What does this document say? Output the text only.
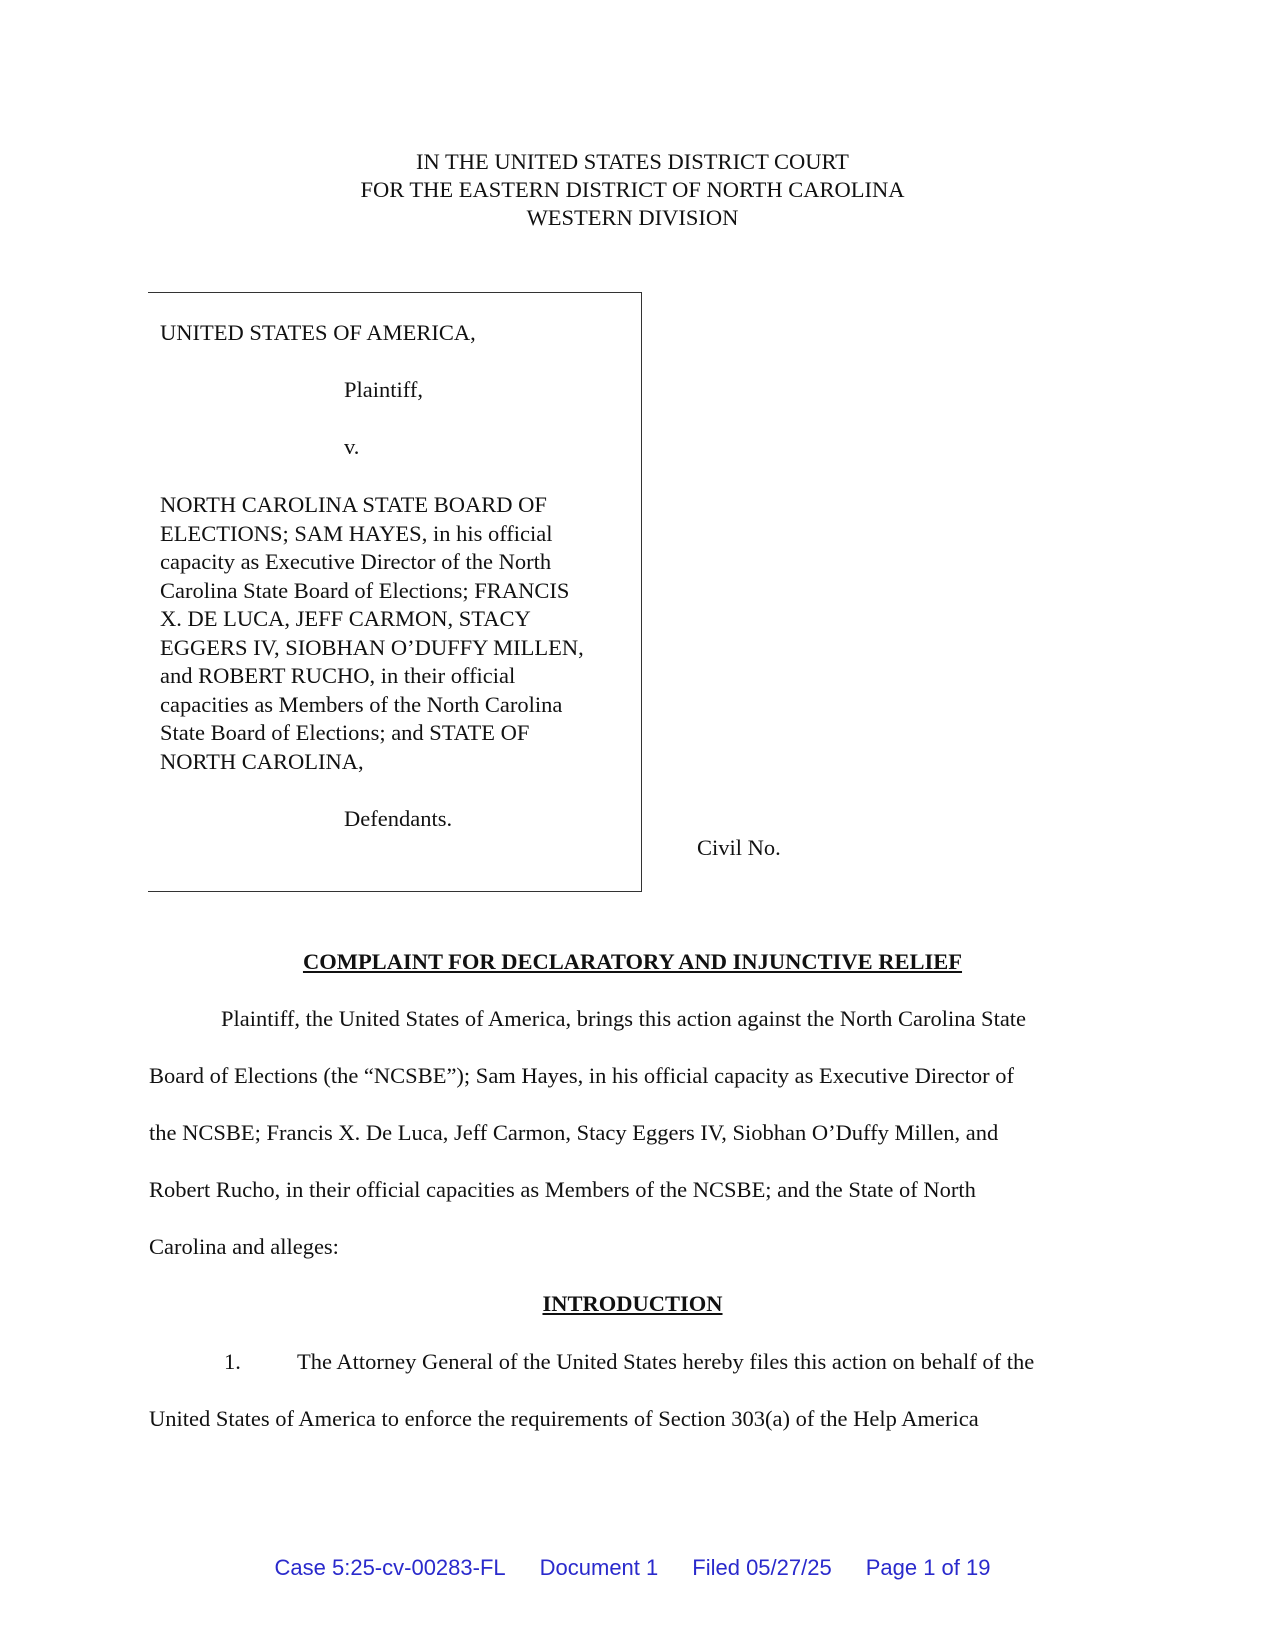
IN THE UNITED STATES DISTRICT COURT
FOR THE EASTERN DISTRICT OF NORTH CAROLINA
WESTERN DIVISION
UNITED STATES OF AMERICA,
Plaintiff,
v.
NORTH CAROLINA STATE BOARD OF
ELECTIONS; SAM HAYES, in his official
capacity as Executive Director of the North
Carolina State Board of Elections; FRANCIS
X. DE LUCA, JEFF CARMON, STACY
EGGERS IV, SIOBHAN O’DUFFY MILLEN,
and ROBERT RUCHO, in their official
capacities as Members of the North Carolina
State Board of Elections; and STATE OF
NORTH CAROLINA,
Defendants.
Civil No.
COMPLAINT FOR DECLARATORY AND INJUNCTIVE RELIEF
Plaintiff, the United States of America, brings this action against the North Carolina State
Board of Elections (the “NCSBE”); Sam Hayes, in his official capacity as Executive Director of
the NCSBE; Francis X. De Luca, Jeff Carmon, Stacy Eggers IV, Siobhan O’Duffy Millen, and
Robert Rucho, in their official capacities as Members of the NCSBE; and the State of North
Carolina and alleges:
INTRODUCTION
1. The Attorney General of the United States hereby files this action on behalf of the
United States of America to enforce the requirements of Section 303(a) of the Help America
Case 5:25-cv-00283-FL Document 1 Filed 05/27/25 Page 1 of 19
